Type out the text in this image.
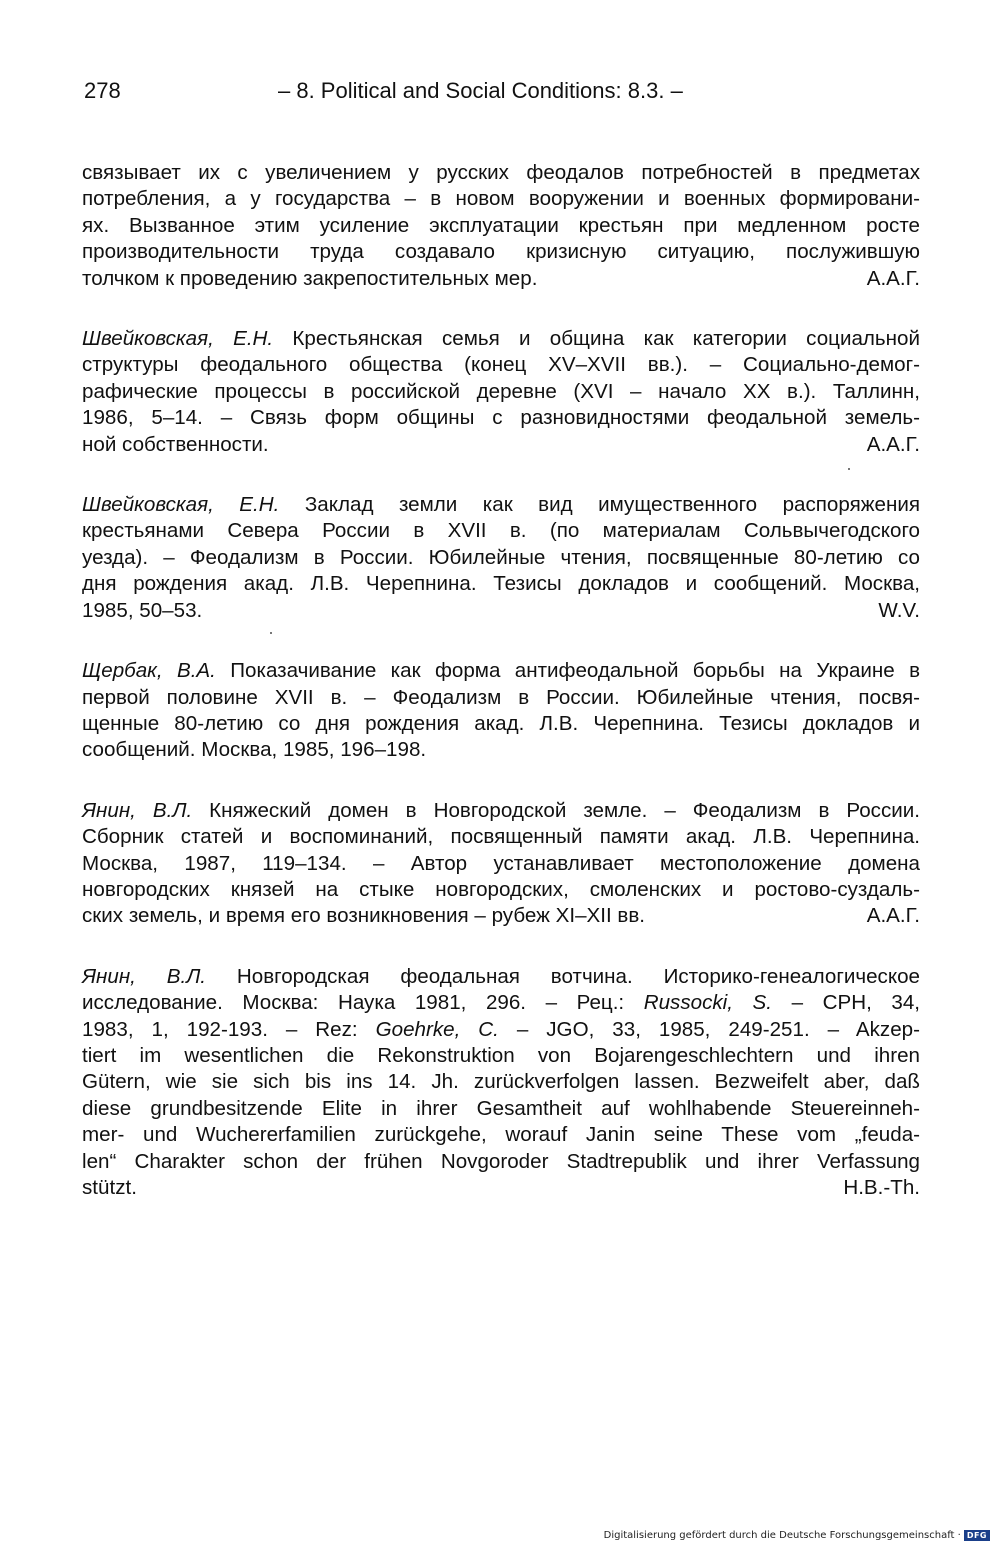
278	– 8. Political and Social Conditions: 8.3. –
связывает их с увеличением у русских феодалов потребностей в предметах
потребления, а у государства – в новом вооружении и военных формировани-
ях. Вызванное этим усиление эксплуатации крестьян при медленном росте
производительности труда создавало кризисную ситуацию, послужившую
толчком к проведению закрепостительных мер.	А.А.Г.
Швейковская, Е.Н. Крестьянская семья и община как категории социальной
структуры феодального общества (конец XV–XVII вв.). – Социально-демог-
рафические процессы в российской деревне (XVI – начало XX в.). Таллинн,
1986, 5–14. – Связь форм общины с разновидностями феодальной земель-
ной собственности.	А.А.Г.
Швейковская, Е.Н. Заклад земли как вид имущественного распоряжения
крестьянами Севера России в XVII в. (по материалам Сольвычегодского
уезда). – Феодализм в России. Юбилейные чтения, посвященные 80-летию со
дня рождения акад. Л.В. Черепнина. Тезисы докладов и сообщений. Москва,
1985, 50–53.	W.V.
Щербак, В.А. Показачивание как форма антифеодальной борьбы на Украине в
первой половине XVII в. – Феодализм в России. Юбилейные чтения, посвя-
щенные 80-летию со дня рождения акад. Л.В. Черепнина. Тезисы докладов и
сообщений. Москва, 1985, 196–198.
Янин, В.Л. Княжеский домен в Новгородской земле. – Феодализм в России.
Сборник статей и воспоминаний, посвященный памяти акад. Л.В. Черепнина.
Москва, 1987, 119–134. – Автор устанавливает местоположение домена
новгородских князей на стыке новгородских, смоленских и ростово-суздаль-
ских земель, и время его возникновения – рубеж XI–XII вв.	А.А.Г.
Янин, В.Л. Новгородская феодальная вотчина. Историко-генеалогическое
исследование. Москва: Наука 1981, 296. – Рец.: Russocki, S. – CPH, 34,
1983, 1, 192-193. – Rez: Goehrke, C. – JGO, 33, 1985, 249-251. – Akzep-
tiert im wesentlichen die Rekonstruktion von Bojarengeschlechtern und ihren
Gütern, wie sie sich bis ins 14. Jh. zurückverfolgen lassen. Bezweifelt aber, daß
diese grundbesitzende Elite in ihrer Gesamtheit auf wohlhabende Steuereinneh-
mer- und Wuchererfamilien zurückgehe, worauf Janin seine These vom „feuda-
len“ Charakter schon der frühen Novgoroder Stadtrepublik und ihrer Verfassung
stützt.	H.B.-Th.
Digitalisierung gefördert durch die Deutsche Forschungsgemeinschaft · DFG
